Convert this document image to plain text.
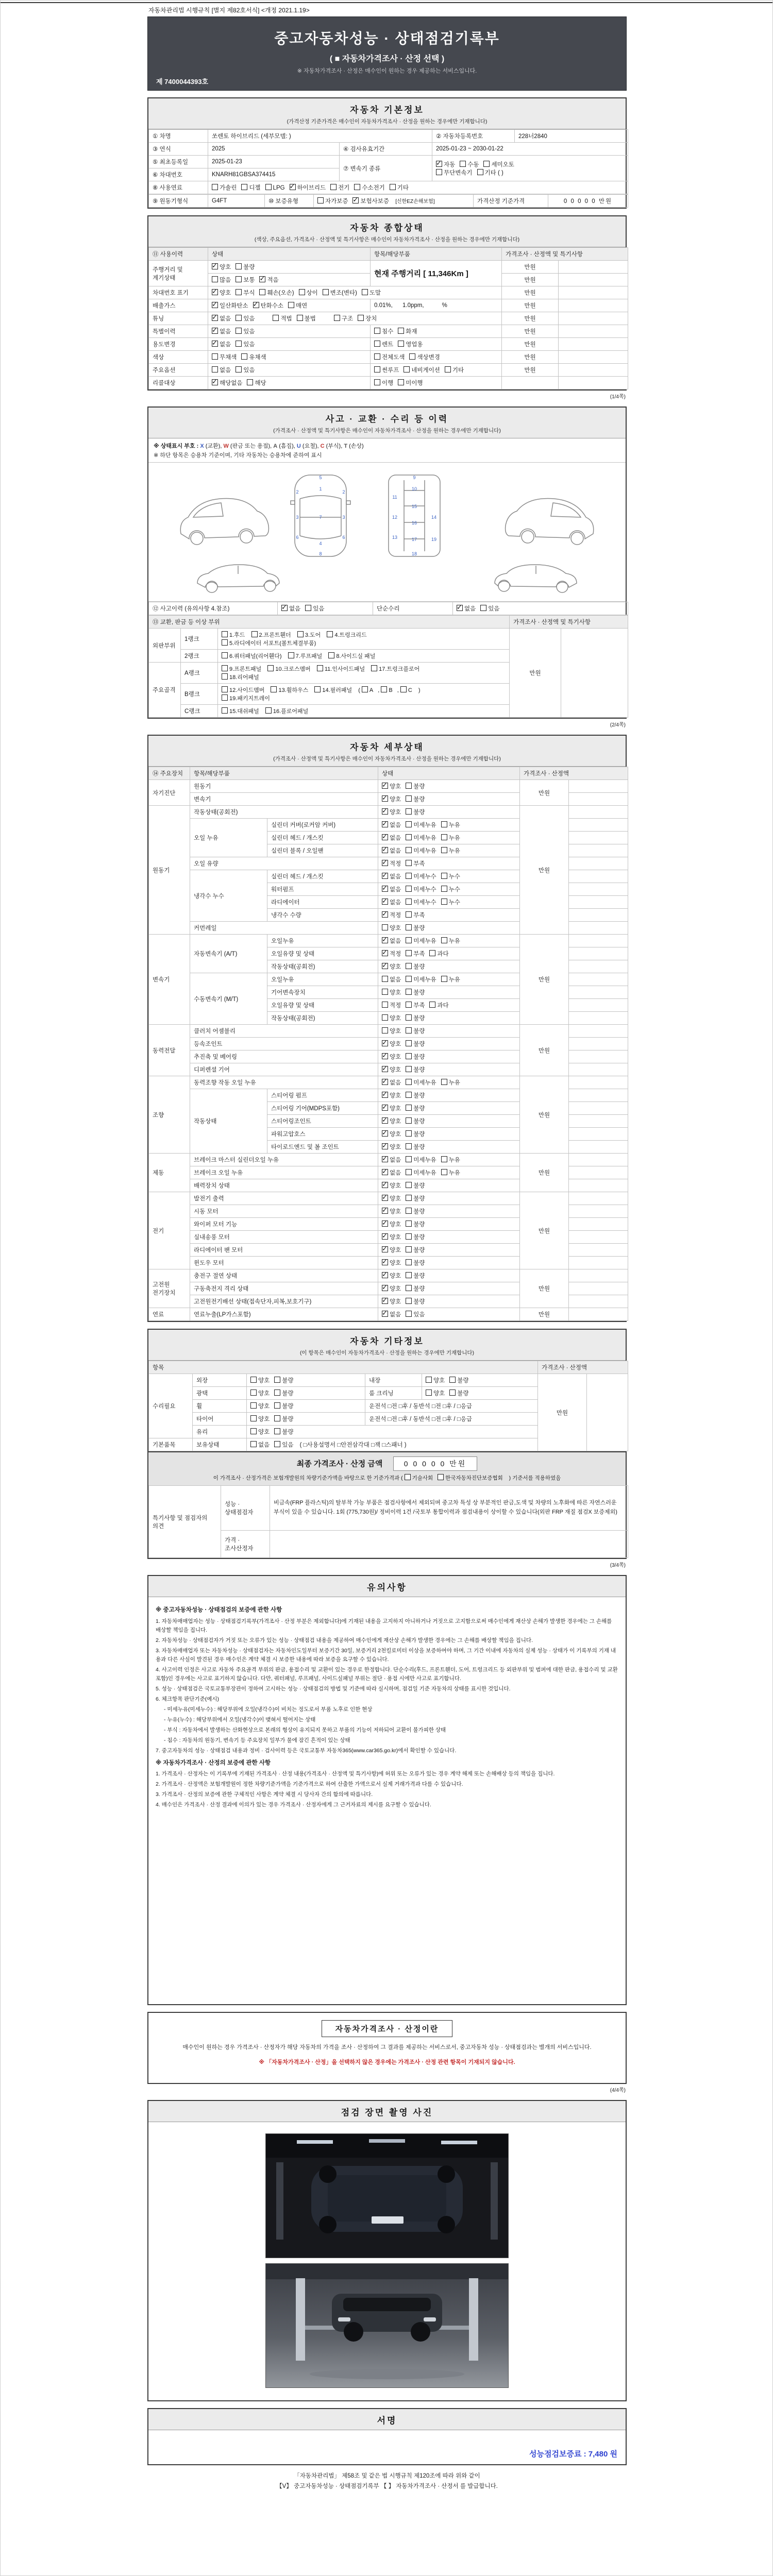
자동차관리법 시행규칙 [별지 제82호서식] <개정 2021.1.19>
중고자동차성능 · 상태점검기록부
( ■ 자동차가격조사 · 산정 선택 )
※ 자동차가격조사 · 산정은 매수인이 원하는 경우 제공하는 서비스입니다.
제 7400044393호
자동차 기본정보
(가격산정 기준가격은 매수인이 자동차가격조사 · 산정을 원하는 경우에만 기재합니다)
① 차명	쏘렌토 하이브리드 (세부모델: )		② 자동차등록번호	228너2840
③ 연식	2025	④ 검사유효기간	2025-01-23 ~ 2030-01-22	
⑤ 최초등록일	2025-01-23	⑦ 변속기 종류	✓자동 수동 세미오토
무단변속기 기타 ( )
⑥ 차대번호	KNARH81GBSA374415			
⑧ 사용연료	가솔린 디젤 LPG ✓ 하이브리드 전기 수소전기 기타
⑨ 원동기형식	G4FT	⑩ 보증유형	자가보증 ✓ 보험사보증 [신한EZ손해보험]	가격산정 기준가격	0 0 0 0 0 만원
자동차 종합상태
(색상, 주요옵션, 가격조사 · 산정액 및 특기사항은 매수인이 자동차가격조사 · 산정을 원하는 경우에만 기재합니다)
⑪ 사용이력	상태	항목/해당부품	가격조사 · 산정액 및 특기사항	
주행거리 및 계기상태	✓양호 불량	현재 주행거리 [ 11,346Km ]	만원	
	많음 보통 ✓ 적음		만원	
차대번호 표기	✓양호 부식 훼손(오손) 상이 변조(변타) 도말		만원	
배출가스	✓일산화탄소 ✓ 탄화수소 매연	0.01%,      1.0ppm,           %	만원	
튜닝	✓없음 있음 적법 불법 구조 장치		만원	
특별이력	✓없음 있음	침수 화재	만원	
용도변경	✓없음 있음	렌트 영업용	만원	
색상	무채색 유채색	전체도색 색상변경	만원	
주요옵션	없음 있음	썬루프 네비게이션 기타	만원	
리콜대상	✓해당없음 해당	이행 미이행		
(1/4쪽)
사고 · 교환 · 수리 등 이력
(가격조사 · 산정액 및 특기사항은 매수인이 자동차가격조사 · 산정을 원하는 경우에만 기재합니다)
※ 상태표시 부호 : X (교환), W (판금 또는 용접), A (흠집), U (요철), C (부식), T (손상)
※ 하단 항목은 승용차 기준이며, 기타 자동차는 승용차에 준하여 표시
5
1
7
4
2	2
3	3
6	6
8
9
10
11
15
12
16
13	17
14
19
18
⑫ 사고이력 (유의사항 4.참조)	✓없음 있음	단순수리	✓없음 있음
⑬ 교환, 판금 등 이상 부위			가격조사 · 산정액 및 특기사항	
외판부위	1랭크	1.후드 2.프론트휀더 3.도어 4.트렁크리드
5.라디에이터 서포트(볼트체결부품)	만원	
	2랭크	6.쿼터패널(리어휀다) 7.루프패널 8.사이드실 패널		
주요골격	A랭크	9.프론트패널 10.크로스멤버 11.인사이드패널 17.트렁크플로어
18.리어패널		
	B랭크	12.사이드멤버 13.휠하우스 14.필러패널 ( A , B , C )
19.패키지트레이		
	C랭크	15.대쉬패널 16.플로어패널		
(2/4쪽)
자동차 세부상태
(가격조사 · 산정액 및 특기사항은 매수인이 자동차가격조사 · 산정을 원하는 경우에만 기재합니다)
⑭ 주요장치	항목/해당부품		상태	가격조사 · 산정액	
자기진단	원동기	✓양호 불량	만원	
	변속기	✓양호 불량	
원동기	작동상태(공회전)	✓양호 불량	만원	
	오일 누유	실린더 커버(로커암 커버)	✓없음 미세누유 누유	
		실린더 헤드 / 개스킷	✓없음 미세누유 누유	
		실린더 블록 / 오일팬	✓없음 미세누유 누유	
	오일 유량	✓적정 부족	
	냉각수 누수	실린더 헤드 / 개스킷	✓없음 미세누수 누수	
		워터펌프	✓없음 미세누수 누수	
		라디에이터	✓없음 미세누수 누수	
		냉각수 수량	✓적정 부족	
	커먼레일		양호 불량		
변속기	자동변속기 (A/T)	오일누유	✓없음 미세누유 누유	만원	
		오일유량 및 상태	✓적정 부족 과다	
		작동상태(공회전)	✓양호 불량	
	수동변속기 (M/T)	오일누유	없음 미세누유 누유		
		기어변속장치	양호 불량		
		오일유량 및 상태	적정 부족 과다		
		작동상태(공회전)	양호 불량		
동력전달	클러치 어셈블리		양호 불량	만원	
	등속조인트	✓양호 불량	
	추진축 및 베어링	✓양호 불량	
	디퍼렌셜 기어	✓양호 불량	
조향	동력조향 작동 오일 누유	✓없음 미세누유 누유	만원	
	작동상태	스티어링 펌프	✓양호 불량	
		스티어링 기어(MDPS포함)	✓양호 불량	
		스티어링조인트	✓양호 불량	
		파워고압호스	✓양호 불량	
		타이로드엔드 및 볼 조인트	✓양호 불량	
제동	브레이크 마스터 실린더오일 누유	✓없음 미세누유 누유	만원	
	브레이크 오일 누유	✓없음 미세누유 누유	
	배력장치 상태	✓양호 불량	
전기	발전기 출력	✓양호 불량	만원	
	시동 모터	✓양호 불량	
	와이퍼 모터 기능	✓양호 불량	
	실내송풍 모터	✓양호 불량	
	라디에이터 팬 모터	✓양호 불량	
	윈도우 모터	✓양호 불량	
고전원 전기장치	충전구 절연 상태	✓양호 불량	만원	
	구동축전지 격리 상태	✓양호 불량	
	고전원전기배선 상태(접속단자,피복,보호기구)	✓양호 불량	
연료	연료누출(LP가스포함)	✓없음 있음	만원	
자동차 기타정보
(이 항목은 매수인이 자동차가격조사 · 산정을 원하는 경우에만 기재합니다)
항목					가격조사 · 산정액	
수리필요	외장	양호 불량	내장	양호 불량	만원	
	광택	양호 불량	룸 크리닝	양호 불량		
	휠	양호 불량	운전석 □전 □후 / 동반석 □전 □후 / □응급			
	타이어	양호 불량	운전석 □전 □후 / 동반석 □전 □후 / □응급			
	유리	양호 불량				
기본품목	보유상태	없음 있음 ( □사용설명서 □안전삼각대 □잭 □스패너 )				
최종 가격조사 · 산정 금액	0 0 0 0 0 만원
이 가격조사 · 산정가격은 보험개발원의 차량기준가액을 바탕으로 한 기준가격과 ( 기술사회 한국자동차진단보증협회 ) 기준서를 적용하였음
특기사항 및 점검자의 의견	성능 · 상태점검자	비금속(FRP 플라스틱)의 탈부착 가능 부품은 점검사항에서 제외되며 중고차 특성 상 부분적인 판금,도색 및 차량의 노후화에 따른 자연스러운 부식이 있을 수 있습니다. 1회 (775,730원)/ 정비이력 1건 /국토부 통합이력과 점검내용이 상이할 수 있습니다(외판 FRP 재질 점검X 보증제외)
	가격 · 조사산정자	
(3/4쪽)
유의사항
※ 중고자동차성능 · 상태점검의 보증에 관한 사항
1. 자동차매매업자는 성능 · 상태점검기록부(가격조사 · 산정 부분은 제외합니다)에 기재된 내용을 고지하지 아니하거나 거짓으로 고지함으로써 매수인에게 재산상 손해가 발생한 경우에는 그 손해를 배상할 책임을 집니다.
2. 자동차성능 · 상태점검자가 거짓 또는 오류가 있는 성능 · 상태점검 내용을 제공하여 매수인에게 재산상 손해가 발생한 경우에는 그 손해를 배상할 책임을 집니다.
3. 자동차매매업자 또는 자동차성능 · 상태점검자는 자동차인도일부터 보증기간 30일, 보증거리 2천킬로미터 이상을 보증하여야 하며, 그 기간 이내에 자동차의 실제 성능 · 상태가 이 기록부의 기재 내용과 다른 사실이 발견된 경우 매수인은 계약 체결 시 보증한 내용에 따라 보증을 요구할 수 있습니다.
4. 사고이력 인정은 사고로 자동차 주요골격 부위의 판금, 용접수리 및 교환이 있는 경우로 한정합니다. 단순수리(후드, 프론트휀더, 도어, 트렁크리드 등 외판부위 및 범퍼에 대한 판금, 용접수리 및 교환 포함)인 경우에는 사고로 표기하지 않습니다. 다만, 쿼터패널, 루프패널, 사이드실패널 부위는 절단 · 용접 시에만 사고로 표기합니다.
5. 성능 · 상태점검은 국토교통부장관이 정하여 고시하는 성능 · 상태점검의 방법 및 기준에 따라 실시하며, 점검일 기준 자동차의 상태를 표시한 것입니다.
6. 체크항목 판단기준(예시)
- 미세누유(미세누수) : 해당부위에 오일(냉각수)이 비치는 정도로서 부품 노후로 인한 현상
- 누유(누수) : 해당부위에서 오일(냉각수)이 맺혀서 떨어지는 상태
- 부식 : 자동차에서 발생하는 산화현상으로 본래의 형상이 유지되지 못하고 부품의 기능이 저하되어 교환이 불가피한 상태
- 침수 : 자동차의 원동기, 변속기 등 주요장치 일부가 물에 잠긴 흔적이 있는 상태
7. 중고자동차의 성능 · 상태점검 내용과 정비 · 검사이력 등은 국토교통부 자동차365(www.car365.go.kr)에서 확인할 수 있습니다.
※ 자동차가격조사 · 산정의 보증에 관한 사항
1. 가격조사 · 산정자는 이 기록부에 기재된 가격조사 · 산정 내용(가격조사 · 산정액 및 특기사항)에 허위 또는 오류가 있는 경우 계약 해제 또는 손해배상 등의 책임을 집니다.
2. 가격조사 · 산정액은 보험개발원이 정한 차량기준가액을 기준가격으로 하여 산출한 가액으로서 실제 거래가격과 다를 수 있습니다.
3. 가격조사 · 산정의 보증에 관한 구체적인 사항은 계약 체결 시 당사자 간의 합의에 따릅니다.
4. 매수인은 가격조사 · 산정 결과에 이의가 있는 경우 가격조사 · 산정자에게 그 근거자료의 제시를 요구할 수 있습니다.
자동차가격조사 · 산정이란
매수인이 원하는 경우 가격조사 · 산정자가 해당 자동차의 가격을 조사 · 산정하여 그 결과를 제공하는 서비스로서, 중고자동차 성능 · 상태점검과는 별개의 서비스입니다.
※ 「자동차가격조사 · 산정」을 선택하지 않은 경우에는 가격조사 · 산정 관련 항목이 기재되지 않습니다.
(4/4쪽)
점검 장면 촬영 사진
서명
성능점검보증료 : 7,480 원
「자동차관리법」 제58조 및 같은 법 시행규칙 제120조에 따라 위와 같이
【V】 중고자동차성능 · 상태점검기록부 【 】 자동차가격조사 · 산정서 를 발급합니다.
